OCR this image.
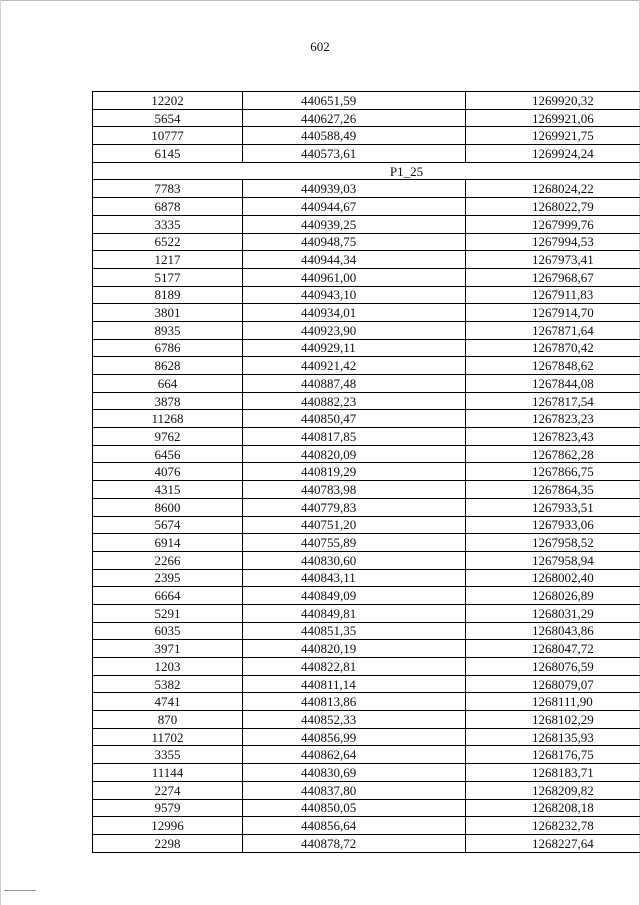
602
12202	440651,59	1269920,32
5654	440627,26	1269921,06
10777	440588,49	1269921,75
6145	440573,61	1269924,24
Р1_25		
7783	440939,03	1268024,22
6878	440944,67	1268022,79
3335	440939,25	1267999,76
6522	440948,75	1267994,53
1217	440944,34	1267973,41
5177	440961,00	1267968,67
8189	440943,10	1267911,83
3801	440934,01	1267914,70
8935	440923,90	1267871,64
6786	440929,11	1267870,42
8628	440921,42	1267848,62
664	440887,48	1267844,08
3878	440882,23	1267817,54
11268	440850,47	1267823,23
9762	440817,85	1267823,43
6456	440820,09	1267862,28
4076	440819,29	1267866,75
4315	440783,98	1267864,35
8600	440779,83	1267933,51
5674	440751,20	1267933,06
6914	440755,89	1267958,52
2266	440830,60	1267958,94
2395	440843,11	1268002,40
6664	440849,09	1268026,89
5291	440849,81	1268031,29
6035	440851,35	1268043,86
3971	440820,19	1268047,72
1203	440822,81	1268076,59
5382	440811,14	1268079,07
4741	440813,86	1268111,90
870	440852,33	1268102,29
11702	440856,99	1268135,93
3355	440862,64	1268176,75
11144	440830,69	1268183,71
2274	440837,80	1268209,82
9579	440850,05	1268208,18
12996	440856,64	1268232,78
2298	440878,72	1268227,64
